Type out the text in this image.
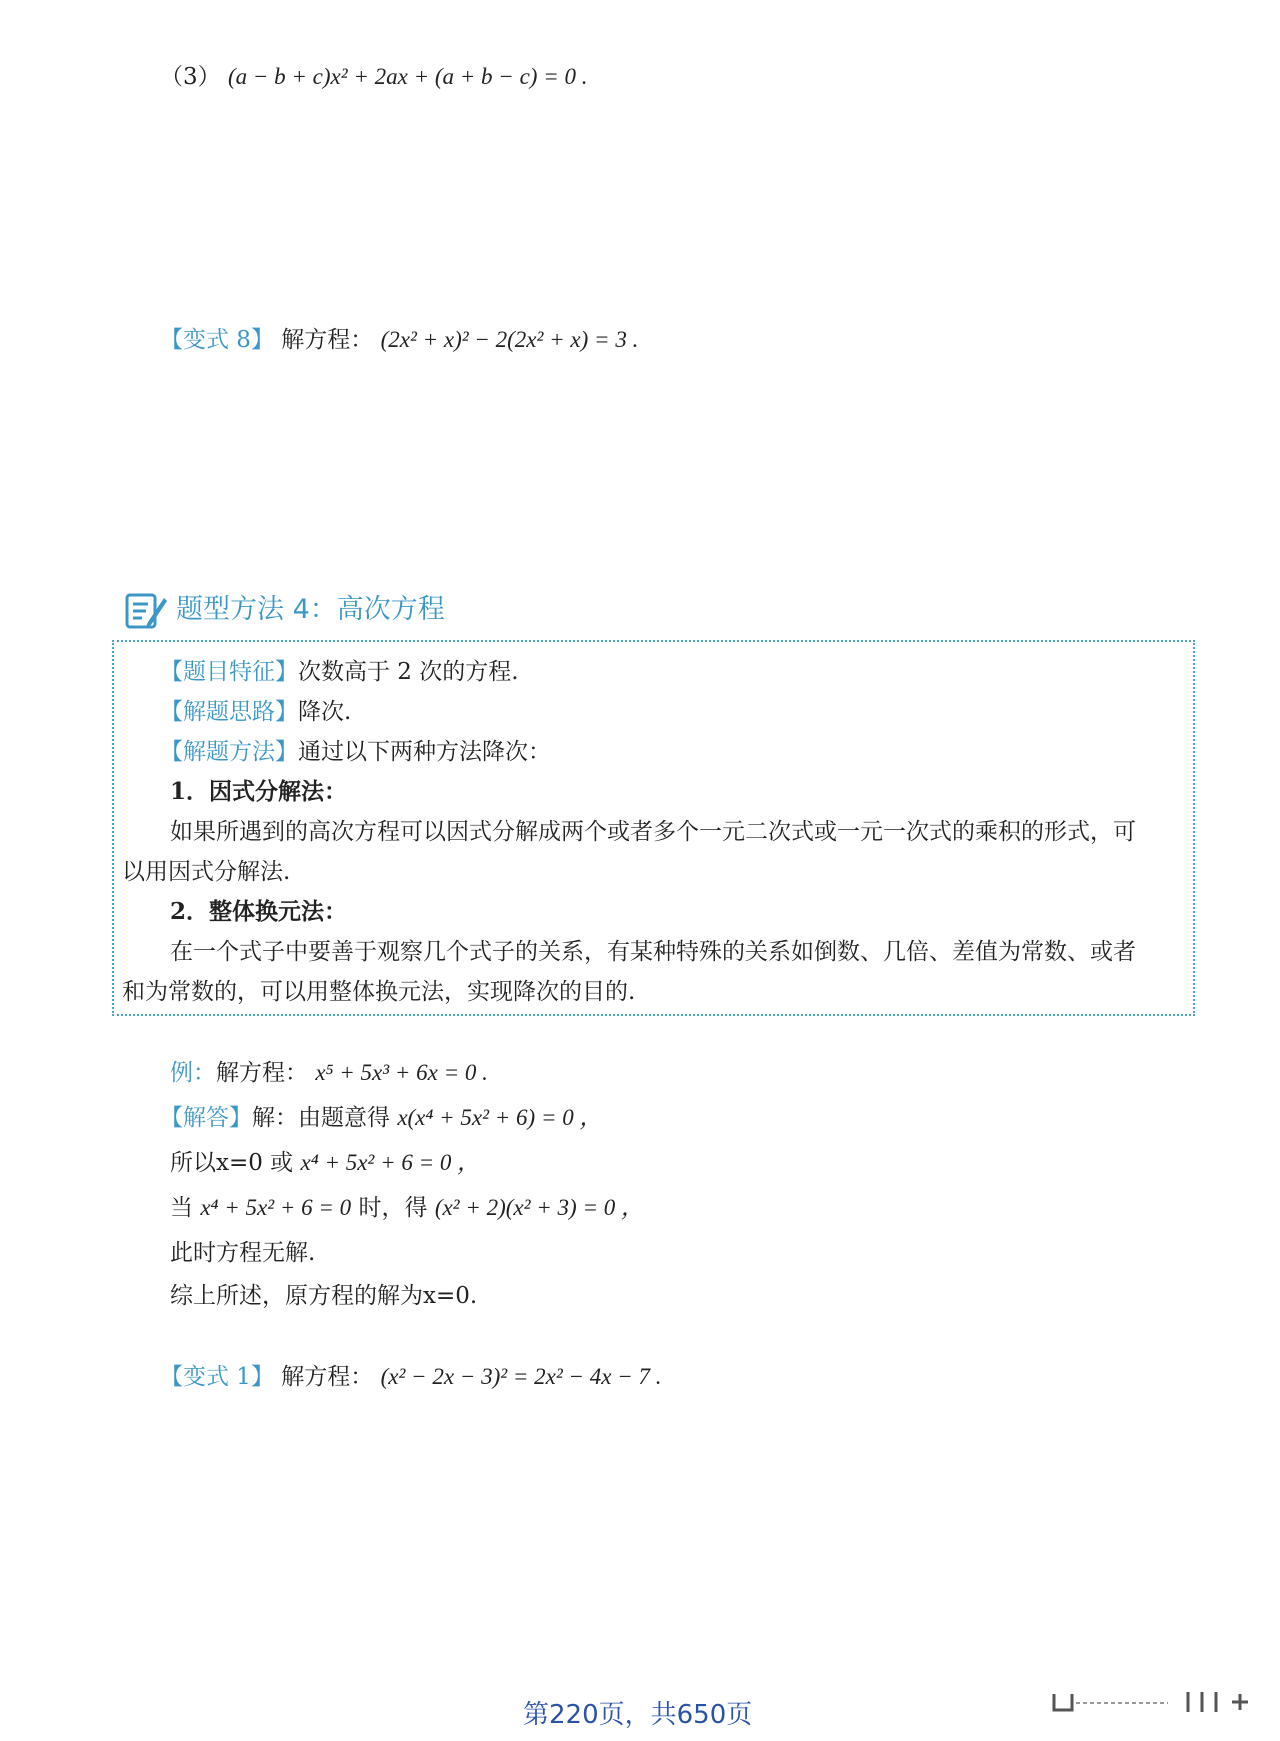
（3） (a − b + c)x² + 2ax + (a + b − c) = 0 .
【变式 8】 解方程： (2x² + x)² − 2(2x² + x) = 3 .
题型方法 4：高次方程
【题目特征】次数高于 2 次的方程.
【解题思路】降次.
【解题方法】通过以下两种方法降次：
1．因式分解法：
如果所遇到的高次方程可以因式分解成两个或者多个一元二次式或一元一次式的乘积的形式，可
以用因式分解法.
2．整体换元法：
在一个式子中要善于观察几个式子的关系，有某种特殊的关系如倒数、几倍、差值为常数、或者
和为常数的，可以用整体换元法，实现降次的目的.
例：解方程： x⁵ + 5x³ + 6x = 0 .
【解答】解：由题意得 x(x⁴ + 5x² + 6) = 0 ，
所以x=0 或 x⁴ + 5x² + 6 = 0 ，
当 x⁴ + 5x² + 6 = 0 时，得 (x² + 2)(x² + 3) = 0 ，
此时方程无解.
综上所述，原方程的解为x=0.
【变式 1】 解方程： (x² − 2x − 3)² = 2x² − 4x − 7 .
第220页，共650页
